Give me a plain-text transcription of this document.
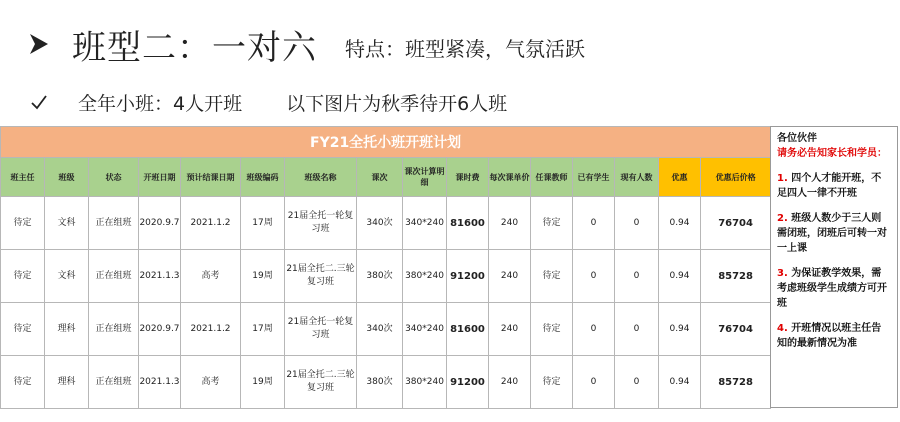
班型二：一对六 特点：班型紧凑，气氛活跃
全年小班：4人开班 以下图片为秋季待开6人班
FY21全托小班开班计划															
班主任	班级	状态	开班日期	预计结课日期	班级编码	班级名称	课次	课次计算明细	课时费	每次课单价	任课教师	已有学生	现有人数	优惠	优惠后价格
待定	文科	正在组班	2020.9.7	2021.1.2	17周	21届全托一轮复习班	340次	340*240	81600	240	待定	0	0	0.94	76704
待定	文科	正在组班	2021.1.3	高考	19周	21届全托二.三轮复习班	380次	380*240	91200	240	待定	0	0	0.94	85728
待定	理科	正在组班	2020.9.7	2021.1.2	17周	21届全托一轮复习班	340次	340*240	81600	240	待定	0	0	0.94	76704
待定	理科	正在组班	2021.1.3	高考	19周	21届全托二.三轮复习班	380次	380*240	91200	240	待定	0	0	0.94	85728

各位伙伴

请务必告知家长和学员：

1. 四个人才能开班，不足四人一律不开班

2. 班级人数少于三人则需闭班，闭班后可转一对一上课

3. 为保证教学效果，需考虑班级学生成绩方可开班

4. 开班情况以班主任告知的最新情况为准
